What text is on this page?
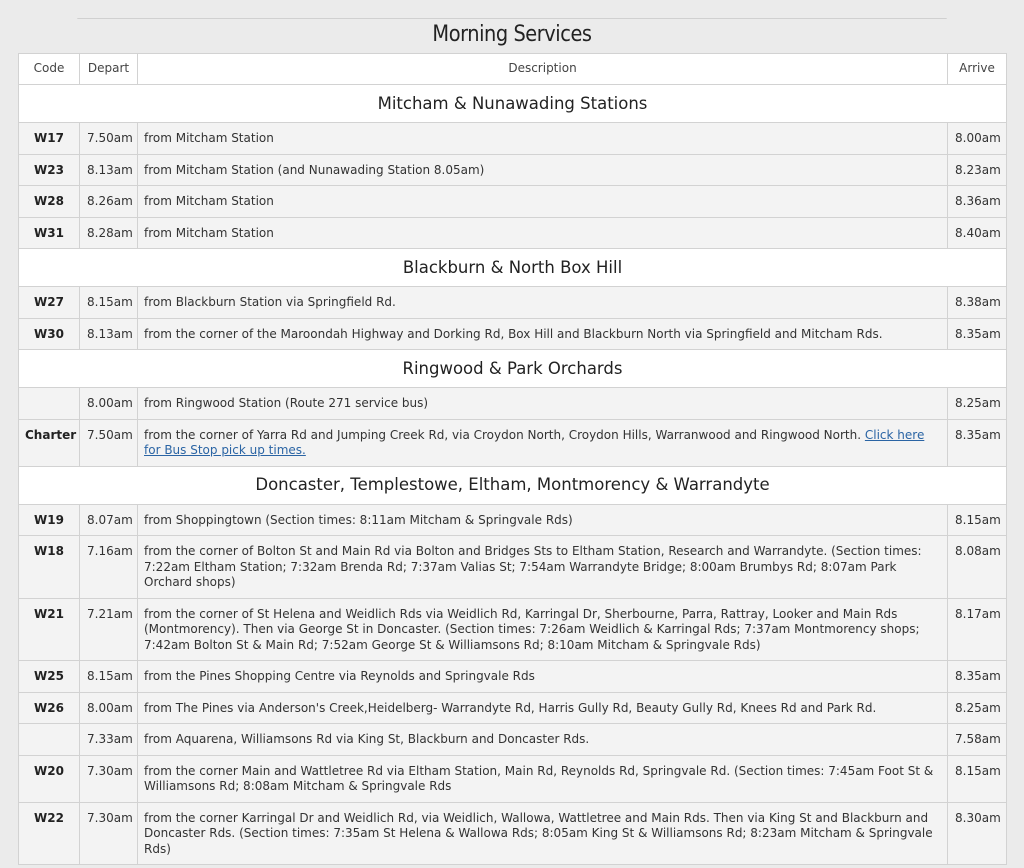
Morning Services
Code	Depart	Description	Arrive
Mitcham & Nunawading Stations			
W17	7.50am	from Mitcham Station	8.00am
W23	8.13am	from Mitcham Station (and Nunawading Station 8.05am)	8.23am
W28	8.26am	from Mitcham Station	8.36am
W31	8.28am	from Mitcham Station	8.40am
Blackburn & North Box Hill			
W27	8.15am	from Blackburn Station via Springfield Rd.	8.38am
W30	8.13am	from the corner of the Maroondah Highway and Dorking Rd, Box Hill and Blackburn North via Springfield and Mitcham Rds.	8.35am
Ringwood & Park Orchards			
	8.00am	from Ringwood Station (Route 271 service bus)	8.25am
Charter	7.50am	from the corner of Yarra Rd and Jumping Creek Rd, via Croydon North, Croydon Hills, Warranwood and Ringwood North. Click here for Bus Stop pick up times.	8.35am
Doncaster, Templestowe, Eltham, Montmorency & Warrandyte			
W19	8.07am	from Shoppingtown (Section times: 8:11am Mitcham & Springvale Rds)	8.15am
W18	7.16am	from the corner of Bolton St and Main Rd via Bolton and Bridges Sts to Eltham Station, Research and Warrandyte. (Section times: 7:22am Eltham Station; 7:32am Brenda Rd; 7:37am Valias St; 7:54am Warrandyte Bridge; 8:00am Brumbys Rd; 8:07am Park Orchard shops)	8.08am
W21	7.21am	from the corner of St Helena and Weidlich Rds via Weidlich Rd, Karringal Dr, Sherbourne, Parra, Rattray, Looker and Main Rds (Montmorency). Then via George St in Doncaster. (Section times: 7:26am Weidlich & Karringal Rds; 7:37am Montmorency shops; 7:42am Bolton St & Main Rd; 7:52am George St & Williamsons Rd; 8:10am Mitcham & Springvale Rds)	8.17am
W25	8.15am	from the Pines Shopping Centre via Reynolds and Springvale Rds	8.35am
W26	8.00am	from The Pines via Anderson's Creek,Heidelberg- Warrandyte Rd, Harris Gully Rd, Beauty Gully Rd, Knees Rd and Park Rd.	8.25am
	7.33am	from Aquarena, Williamsons Rd via King St, Blackburn and Doncaster Rds.	7.58am
W20	7.30am	from the corner Main and Wattletree Rd via Eltham Station, Main Rd, Reynolds Rd, Springvale Rd. (Section times: 7:45am Foot St & Williamsons Rd; 8:08am Mitcham & Springvale Rds	8.15am
W22	7.30am	from the corner Karringal Dr and Weidlich Rd, via Weidlich, Wallowa, Wattletree and Main Rds. Then via King St and Blackburn and Doncaster Rds. (Section times: 7:35am St Helena & Wallowa Rds; 8:05am King St & Williamsons Rd; 8:23am Mitcham & Springvale Rds)	8.30am
